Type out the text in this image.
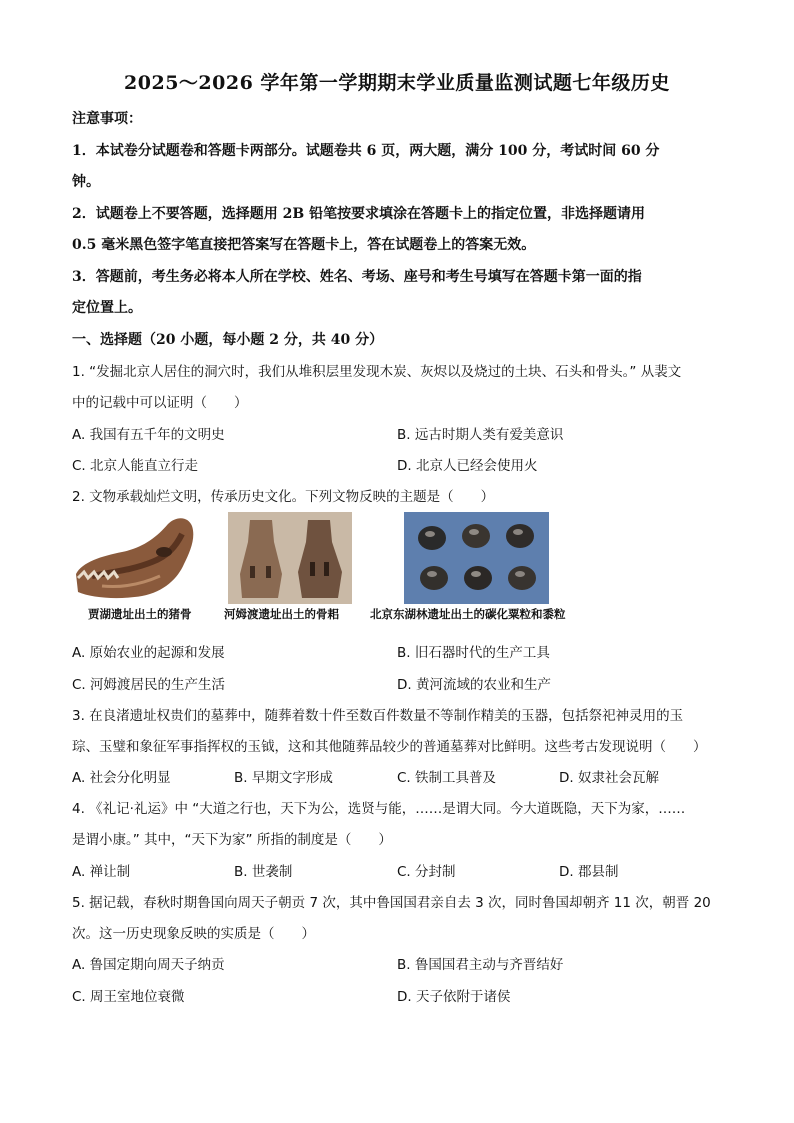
2025～2026 学年第一学期期末学业质量监测试题七年级历史
注意事项：
1．本试卷分试题卷和答题卡两部分。试题卷共 6 页，两大题，满分 100 分，考试时间 60 分
钟。
2．试题卷上不要答题，选择题用 2B 铅笔按要求填涂在答题卡上的指定位置，非选择题请用
0.5 毫米黑色签字笔直接把答案写在答题卡上，答在试题卷上的答案无效。
3．答题前，考生务必将本人所在学校、姓名、考场、座号和考生号填写在答题卡第一面的指
定位置上。
一、选择题（20 小题，每小题 2 分，共 40 分）
1. “发掘北京人居住的洞穴时，我们从堆积层里发现木炭、灰烬以及烧过的土块、石头和骨头。” 从裴文
中的记载中可以证明（　　）
A. 我国有五千年的文明史	B. 远古时期人类有爱美意识
C. 北京人能直立行走	D. 北京人已经会使用火
2. 文物承载灿烂文明，传承历史文化。下列文物反映的主题是（　　）
贾湖遗址出土的猪骨	河姆渡遗址出土的骨耜	北京东湖林遗址出土的碳化粟粒和黍粒
A. 原始农业的起源和发展	B. 旧石器时代的生产工具
C. 河姆渡居民的生产生活	D. 黄河流域的农业和生产
3. 在良渚遗址权贵们的墓葬中，随葬着数十件至数百件数量不等制作精美的玉器，包括祭祀神灵用的玉
琮、玉璧和象征军事指挥权的玉钺，这和其他随葬品较少的普通墓葬对比鲜明。这些考古发现说明（　　）
A. 社会分化明显	B. 早期文字形成	C. 铁制工具普及	D. 奴隶社会瓦解
4. 《礼记·礼运》中 “大道之行也，天下为公，选贤与能，……是谓大同。今大道既隐，天下为家，……
是谓小康。” 其中，“天下为家” 所指的制度是（　　）
A. 禅让制	B. 世袭制	C. 分封制	D. 郡县制
5. 据记载，春秋时期鲁国向周天子朝贡 7 次，其中鲁国国君亲自去 3 次，同时鲁国却朝齐 11 次，朝晋 20
次。这一历史现象反映的实质是（　　）
A. 鲁国定期向周天子纳贡	B. 鲁国国君主动与齐晋结好
C. 周王室地位衰微	D. 天子依附于诸侯
